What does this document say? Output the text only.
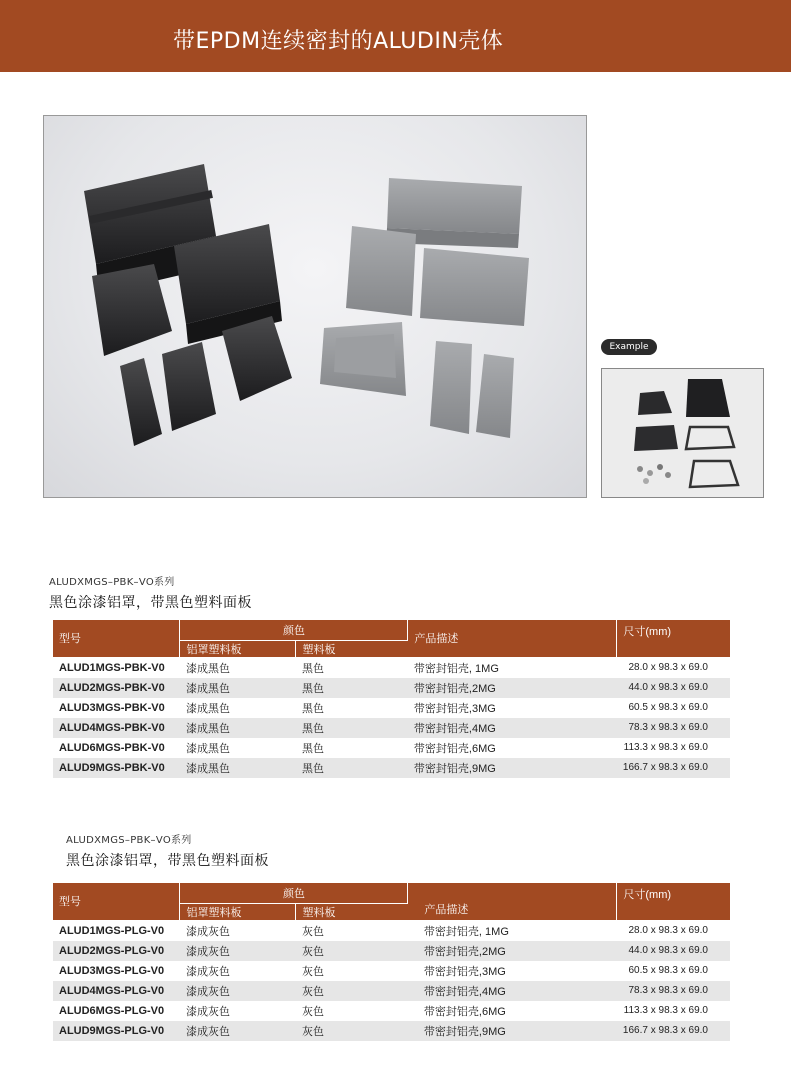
带EPDM连续密封的ALUDIN壳体
Example
ALUDXMGS–PBK–VO系列
黑色涂漆铝罩，带黑色塑料面板
型号	颜色		产品描述	尺寸(mm)
	铝罩塑料板	塑料板		
ALUD1MGS-PBK-V0	漆成黑色	黑色	带密封铝壳, 1MG	28.0 x 98.3 x 69.0
ALUD2MGS-PBK-V0	漆成黑色	黑色	带密封铝壳,2MG	44.0 x 98.3 x 69.0
ALUD3MGS-PBK-V0	漆成黑色	黑色	带密封铝壳,3MG	60.5 x 98.3 x 69.0
ALUD4MGS-PBK-V0	漆成黑色	黑色	带密封铝壳,4MG	78.3 x 98.3 x 69.0
ALUD6MGS-PBK-V0	漆成黑色	黑色	带密封铝壳,6MG	113.3 x 98.3 x 69.0
ALUD9MGS-PBK-V0	漆成黑色	黑色	带密封铝壳,9MG	166.7 x 98.3 x 69.0
ALUDXMGS–PBK–VO系列
黑色涂漆铝罩，带黑色塑料面板
型号	颜色		产品描述	尺寸(mm)
	铝罩塑料板	塑料板		
ALUD1MGS-PLG-V0	漆成灰色	灰色	带密封铝壳, 1MG	28.0 x 98.3 x 69.0
ALUD2MGS-PLG-V0	漆成灰色	灰色	带密封铝壳,2MG	44.0 x 98.3 x 69.0
ALUD3MGS-PLG-V0	漆成灰色	灰色	带密封铝壳,3MG	60.5 x 98.3 x 69.0
ALUD4MGS-PLG-V0	漆成灰色	灰色	带密封铝壳,4MG	78.3 x 98.3 x 69.0
ALUD6MGS-PLG-V0	漆成灰色	灰色	带密封铝壳,6MG	113.3 x 98.3 x 69.0
ALUD9MGS-PLG-V0	漆成灰色	灰色	带密封铝壳,9MG	166.7 x 98.3 x 69.0
